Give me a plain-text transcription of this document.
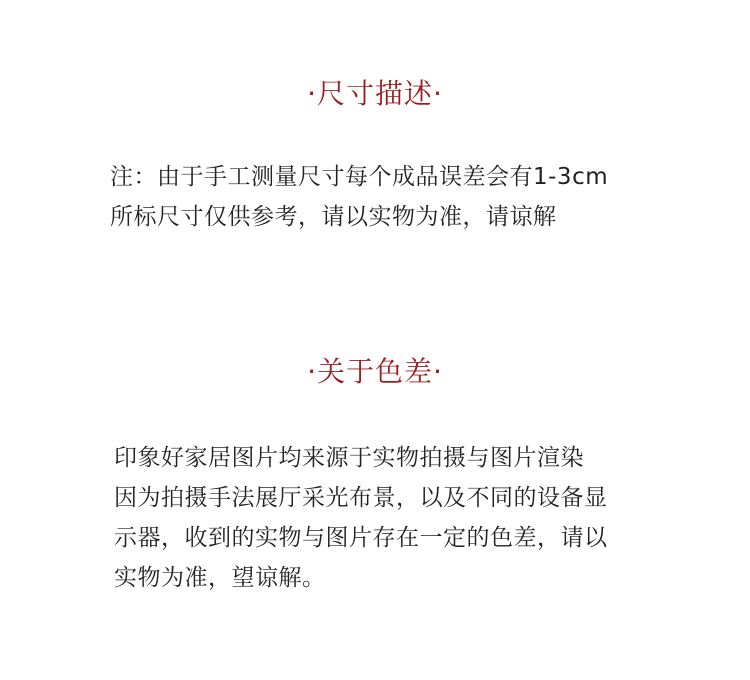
·尺寸描述·

注：由于手工测量尺寸每个成品误差会有1-3cm
所标尺寸仅供参考，请以实物为准，请谅解

·关于色差·

印象好家居图片均来源于实物拍摄与图片渲染
因为拍摄手法展厅采光布景，以及不同的设备显
示器，收到的实物与图片存在一定的色差，请以
实物为准，望谅解。
